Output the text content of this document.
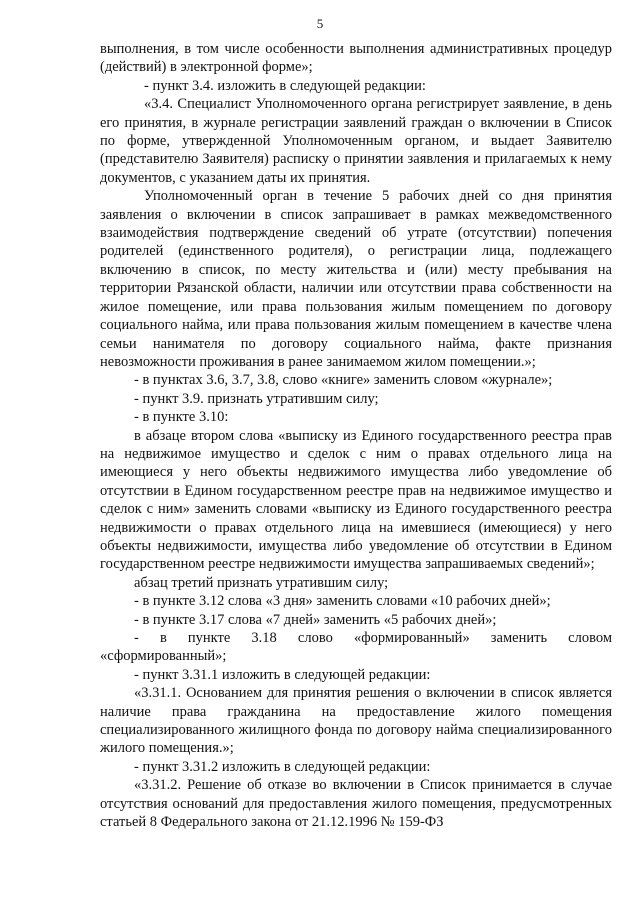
5

выполнения, в том числе особенности выполнения административных процедур (действий) в электронной форме»;

- пункт 3.4. изложить в следующей редакции:

«3.4. Специалист Уполномоченного органа регистрирует заявление, в день его принятия, в журнале регистрации заявлений граждан о включении в Список по форме, утвержденной Уполномоченным органом, и выдает Заявителю (представителю Заявителя) расписку о принятии заявления и прилагаемых к нему документов, с указанием даты их принятия.

Уполномоченный орган в течение 5 рабочих дней со дня принятия заявления о включении в список запрашивает в рамках межведомственного взаимодействия подтверждение сведений об утрате (отсутствии) попечения родителей (единственного родителя), о регистрации лица, подлежащего включению в список, по месту жительства и (или) месту пребывания на территории Рязанской области, наличии или отсутствии права собственности на жилое помещение, или права пользования жилым помещением по договору социального найма, или права пользования жилым помещением в качестве члена семьи нанимателя по договору социального найма, факте признания невозможности проживания в ранее занимаемом жилом помещении.»;

- в пунктах 3.6, 3.7, 3.8, слово «книге» заменить словом «журнале»;

- пункт 3.9. признать утратившим силу;

- в пункте 3.10:

в абзаце втором слова «выписку из Единого государственного реестра прав на недвижимое имущество и сделок с ним о правах отдельного лица на имеющиеся у него объекты недвижимого имущества либо уведомление об отсутствии в Едином государственном реестре прав на недвижимое имущество и сделок с ним» заменить словами «выписку из Единого государственного реестра недвижимости о правах отдельного лица на имевшиеся (имеющиеся) у него объекты недвижимости, имущества либо уведомление об отсутствии в Едином государственном реестре недвижимости имущества запрашиваемых сведений»;

абзац третий признать утратившим силу;

- в пункте 3.12 слова «3 дня» заменить словами «10 рабочих дней»;

- в пункте 3.17 слова «7 дней» заменить «5 рабочих дней»;

- в пункте 3.18 слово «формированный» заменить словом «сформированный»;

- пункт 3.31.1 изложить в следующей редакции:

«3.31.1. Основанием для принятия решения о включении в список является наличие права гражданина на предоставление жилого помещения специализированного жилищного фонда по договору найма специализированного жилого помещения.»;

- пункт 3.31.2 изложить в следующей редакции:

«3.31.2. Решение об отказе во включении в Список принимается в случае отсутствия оснований для предоставления жилого помещения, предусмотренных статьей 8 Федерального закона от 21.12.1996 № 159-ФЗ
